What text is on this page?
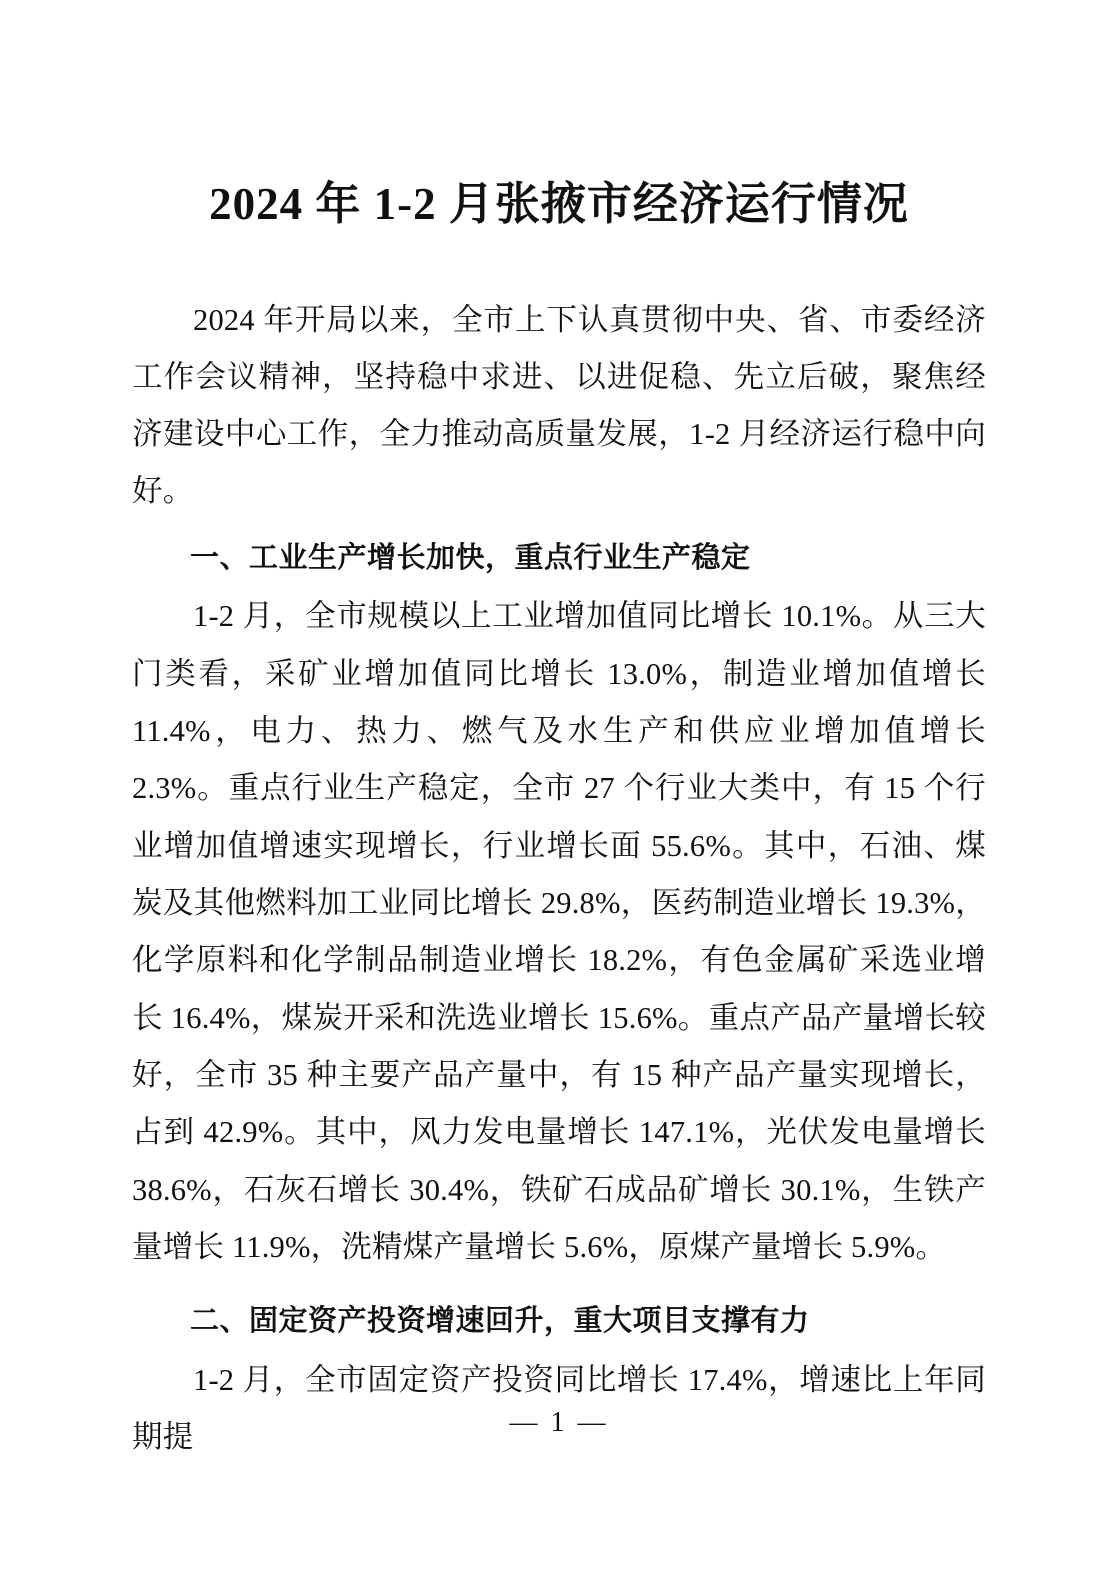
2024 年 1-2 月张掖市经济运行情况

2024 年开局以来，全市上下认真贯彻中央、省、市委经济工作会议精神，坚持稳中求进、以进促稳、先立后破，聚焦经济建设中心工作，全力推动高质量发展，1-2 月经济运行稳中向好。

一、工业生产增长加快，重点行业生产稳定

1-2 月，全市规模以上工业增加值同比增长 10.1%。从三大门类看，采矿业增加值同比增长 13.0%，制造业增加值增长 11.4%，电力、热力、燃气及水生产和供应业增加值增长 2.3%。重点行业生产稳定，全市 27 个行业大类中，有 15 个行业增加值增速实现增长，行业增长面 55.6%。其中，石油、煤炭及其他燃料加工业同比增长 29.8%，医药制造业增长 19.3%，化学原料和化学制品制造业增长 18.2%，有色金属矿采选业增长 16.4%，煤炭开采和洗选业增长 15.6%。重点产品产量增长较好，全市 35 种主要产品产量中，有 15 种产品产量实现增长，占到 42.9%。其中，风力发电量增长 147.1%，光伏发电量增长 38.6%，石灰石增长 30.4%，铁矿石成品矿增长 30.1%，生铁产量增长 11.9%，洗精煤产量增长 5.6%，原煤产量增长 5.9%。

二、固定资产投资增速回升，重大项目支撑有力

1-2 月，全市固定资产投资同比增长 17.4%，增速比上年同期提	— 1 —
